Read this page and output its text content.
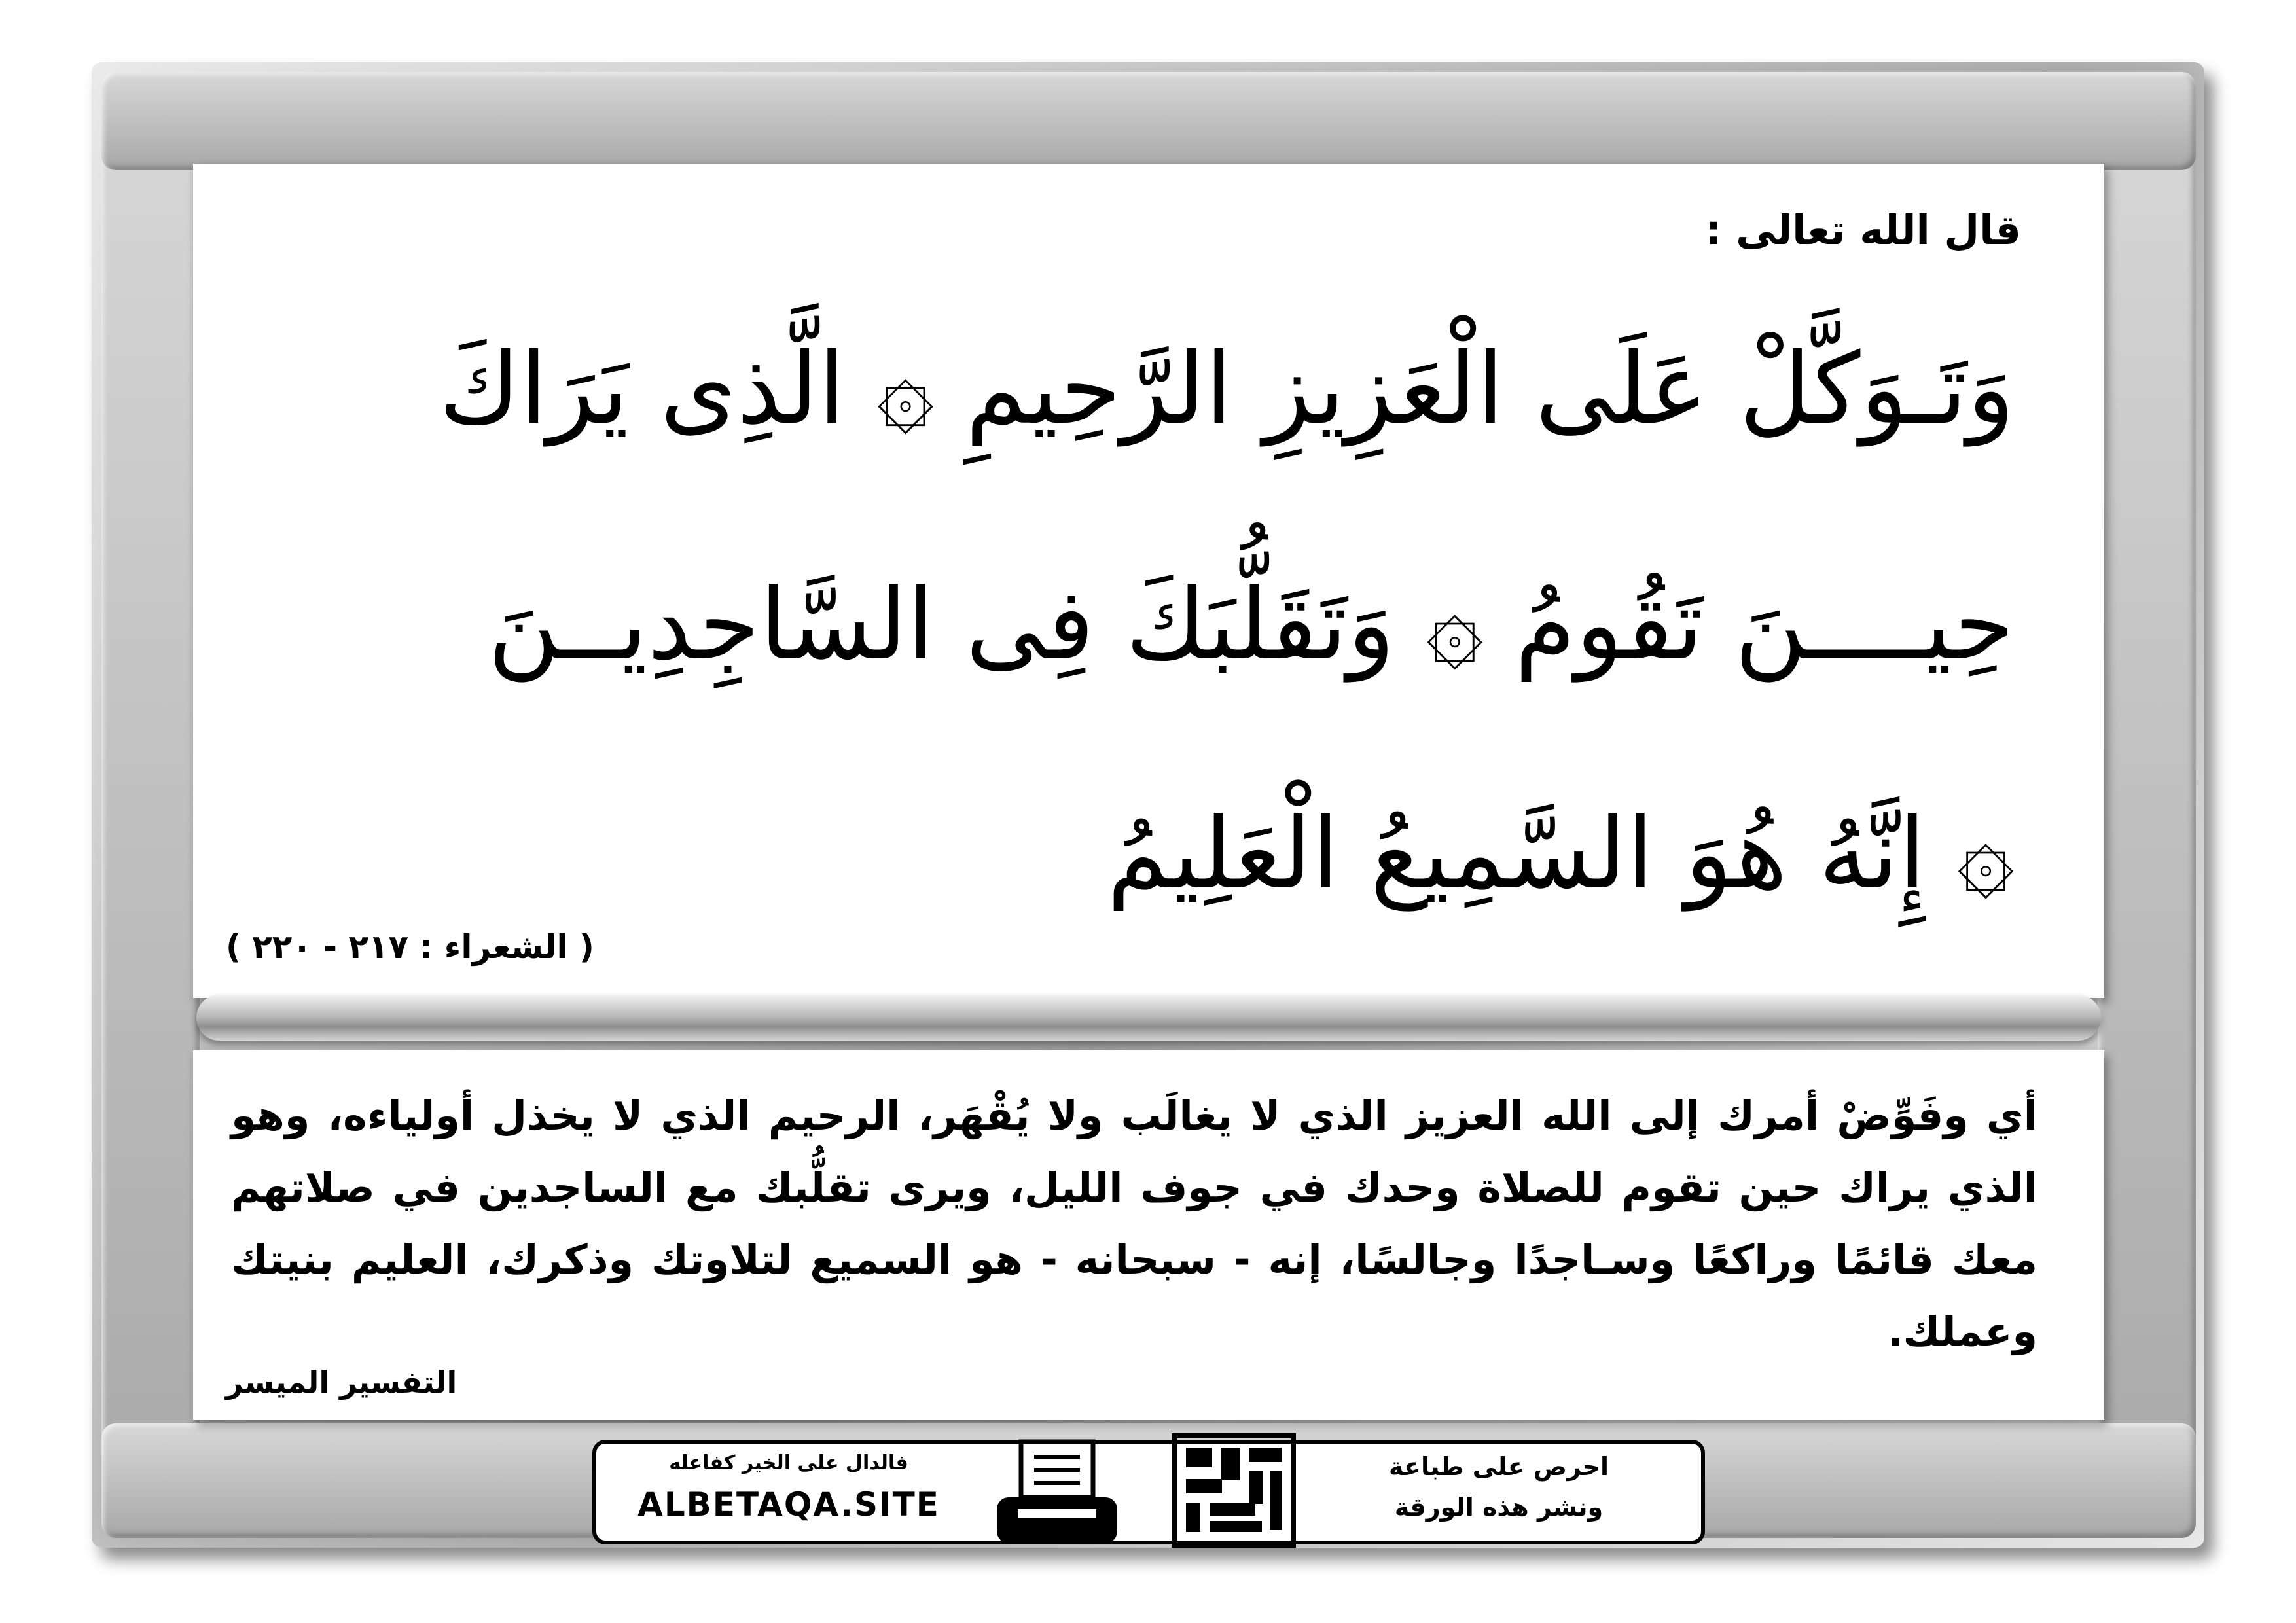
قال الله تعالى :
وَتَـوَكَّلْ عَلَى الْعَزِيزِ الرَّحِيمِ ۞ الَّذِى يَرَاكَ
حِيــــنَ تَقُومُ ۞ وَتَقَلُّبَكَ فِى السَّاجِدِيــنَ
۞ إِنَّهُ هُوَ السَّمِيعُ الْعَلِيمُ
( الشعراء : ٢١٧ - ٢٢٠ )
أي وفَوِّضْ أمرك إلى الله العزيز الذي لا يغالَب ولا يُقْهَر، الرحيم الذي لا يخذل أولياءه، وهو الذي يراك حين تقوم للصلاة وحدك في جوف الليل، ويرى تقلُّبك مع الساجدين في صلاتهم معك قائمًا وراكعًا وسـاجدًا وجالسًا، إنه - سبحانه - هو السميع لتلاوتك وذكرك، العليم بنيتك وعملك.
التفسير الميسر
فالدال على الخير كفاعله
ALBETAQA.SITE
احرص على طباعة
ونشر هذه الورقة
